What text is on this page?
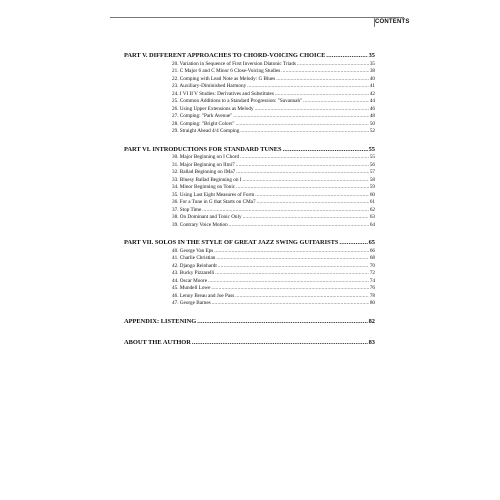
CONTENTS
PART V. DIFFERENT APPROACHES TO CHORD-VOICING CHOICE .....	35
20. Variation in Sequence of First Inversion Diatonic Triads .....	35
21. C Major 6 and C Minor 6 Close-Voicing Studies .....	38
22. Comping with Lead Note as Melody: G Blues .....	40
23. Auxiliary-Diminished Harmony .....	41
24. I VI II V Studies: Derivatives and Substitutes .....	42
25. Common Additions to a Standard Progression: "Savannah" .....	44
26. Using Upper Extensions as Melody .....	46
27. Comping: "Park Avenue" .....	48
28. Comping: "Bright Colors" .....	50
29. Straight Ahead 4/4 Comping .....	52
PART VI. INTRODUCTIONS FOR STANDARD TUNES .....	55
30. Major Beginning on I Chord .....	55
31. Major Beginning on IImi7 .....	56
32. Ballad Beginning on IMa7 .....	57
33. Bluesy Ballad Beginning on I .....	58
34. Minor Beginning on Tonic .....	59
35. Using Last Eight Measures of Form .....	60
36. For a Tune in G that Starts on CMa7 .....	61
37. Stop Time .....	62
38. On Dominant and Tonic Only .....	63
39. Contrary Voice Motion .....	64
PART VII. SOLOS IN THE STYLE OF GREAT JAZZ SWING GUITARISTS .....	65
40. George Van Eps .....	66
41. Charlie Christian .....	68
42. Django Reinhardt .....	70
43. Bucky Pizzarelli .....	72
44. Oscar Moore .....	74
45. Mundell Lowe .....	76
46. Lenny Breau and Joe Pass .....	78
47. George Barnes .....	80
APPENDIX: LISTENING .....	82
ABOUT THE AUTHOR .....	83
